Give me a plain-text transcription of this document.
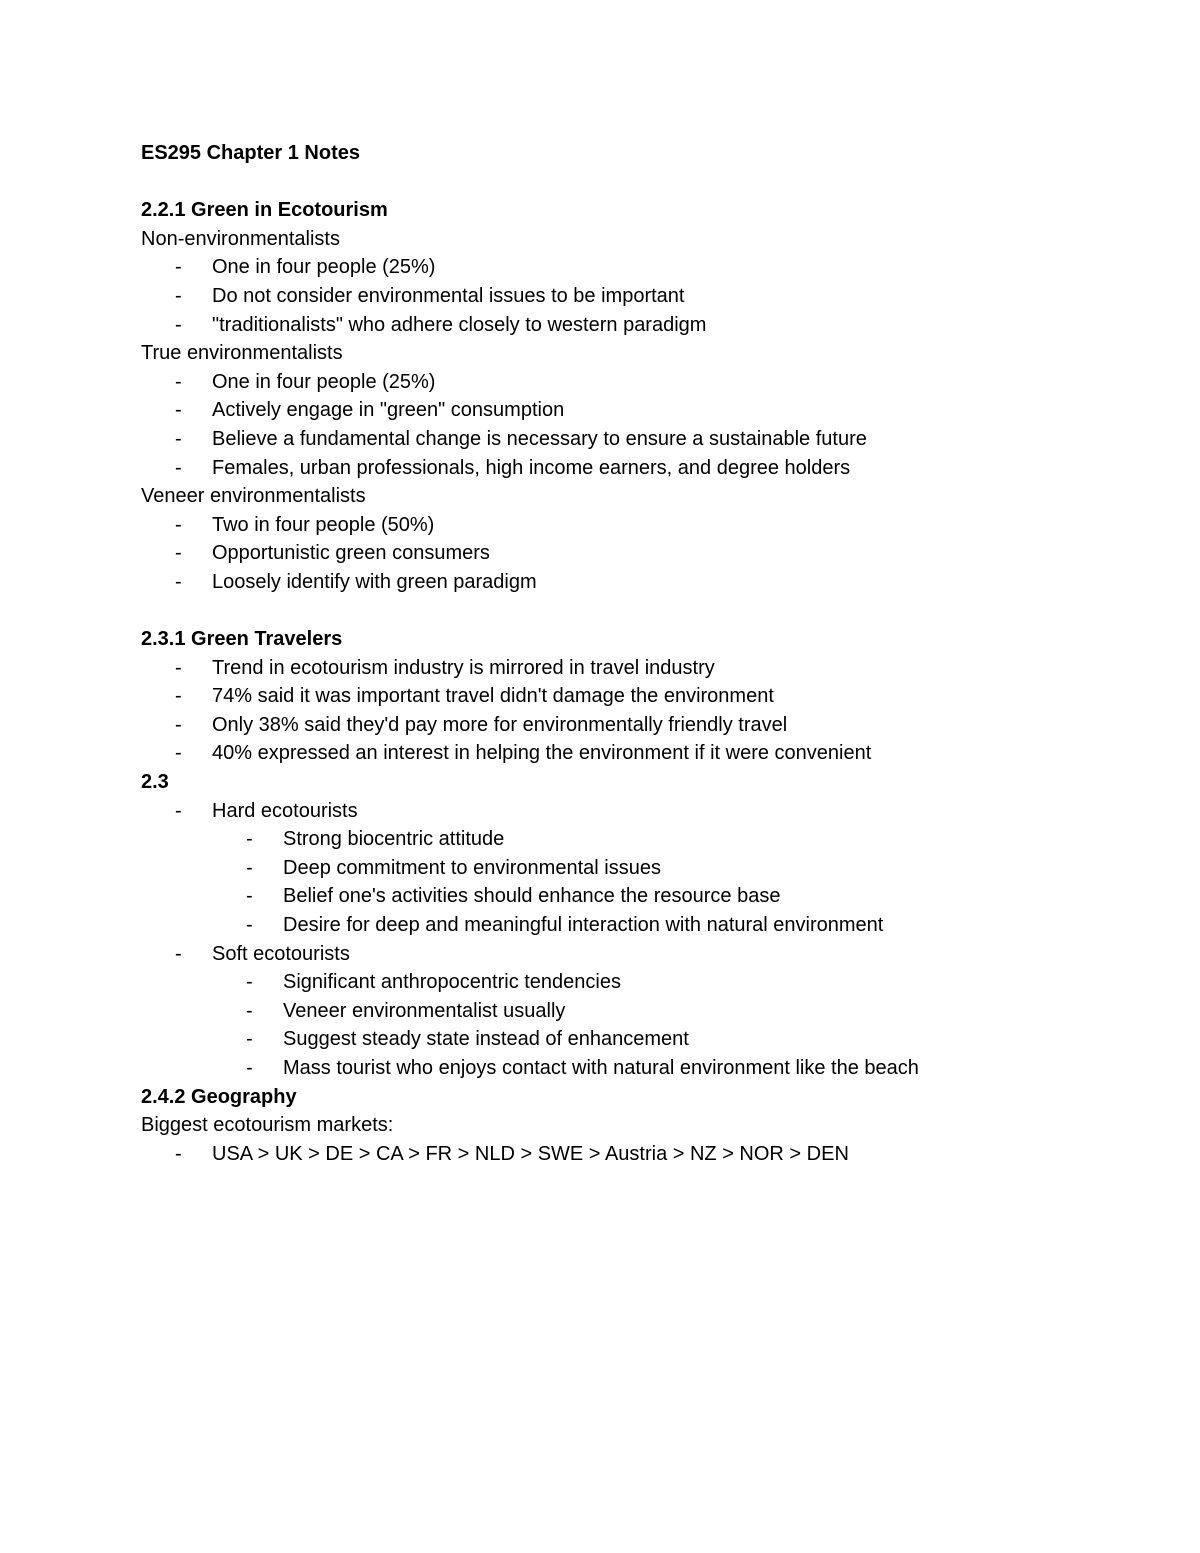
ES295 Chapter 1 Notes
2.2.1 Green in Ecotourism
Non-environmentalists
- One in four people (25%)
- Do not consider environmental issues to be important
- "traditionalists" who adhere closely to western paradigm
True environmentalists
- One in four people (25%)
- Actively engage in "green" consumption
- Believe a fundamental change is necessary to ensure a sustainable future
- Females, urban professionals, high income earners, and degree holders
Veneer environmentalists
- Two in four people (50%)
- Opportunistic green consumers
- Loosely identify with green paradigm
2.3.1 Green Travelers
- Trend in ecotourism industry is mirrored in travel industry
- 74% said it was important travel didn't damage the environment
- Only 38% said they'd pay more for environmentally friendly travel
- 40% expressed an interest in helping the environment if it were convenient
2.3
- Hard ecotourists
- Strong biocentric attitude
- Deep commitment to environmental issues
- Belief one's activities should enhance the resource base
- Desire for deep and meaningful interaction with natural environment
- Soft ecotourists
- Significant anthropocentric tendencies
- Veneer environmentalist usually
- Suggest steady state instead of enhancement
- Mass tourist who enjoys contact with natural environment like the beach
2.4.2 Geography
Biggest ecotourism markets:
- USA > UK > DE > CA > FR > NLD > SWE > Austria > NZ > NOR > DEN
